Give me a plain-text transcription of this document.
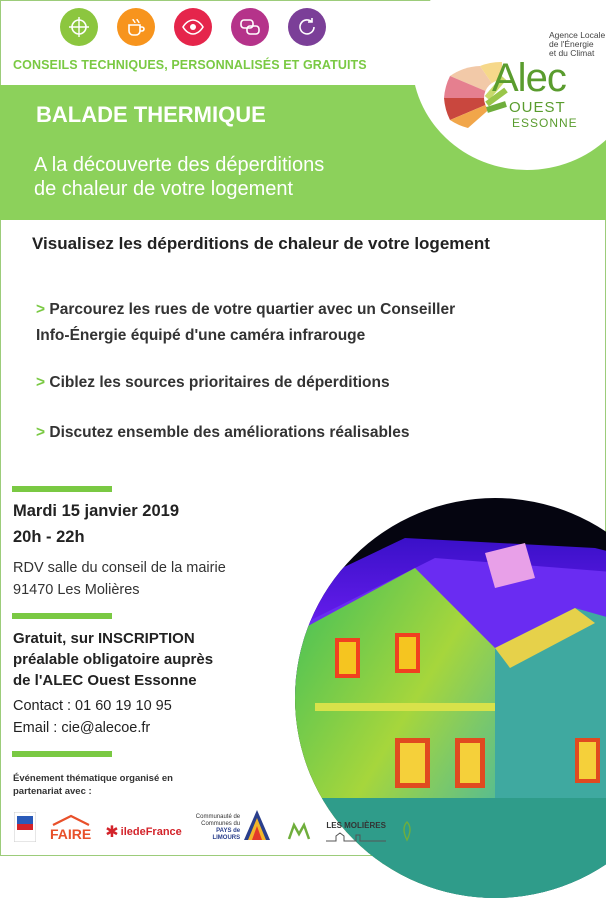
CONSEILS TECHNIQUES, PERSONNALISÉS ET GRATUITS
BALADE THERMIQUE
A la découverte des déperditions
de chaleur de votre logement
Agence Locale
de l'Énergie
et du Climat
Alec
OUEST
ESSONNE
Visualisez les déperditions de chaleur de votre logement
> Parcourez les rues de votre quartier avec un Conseiller
Info-Énergie équipé d'une caméra infrarouge
> Ciblez les sources prioritaires de déperditions
> Discutez ensemble des améliorations réalisables
Mardi 15 janvier 2019
20h - 22h
RDV salle du conseil de la mairie
91470 Les Molières
Gratuit, sur INSCRIPTION
préalable obligatoire auprès
de l'ALEC Ouest Essonne
Contact : 01 60 19 10 95
Email : cie@alecoe.fr
Événement thématique organisé en
partenariat avec :
FAIRE ✱ iledeFrance
Communauté de
Communes du
PAYS de
LIMOURS
LES MOLIÈRES
